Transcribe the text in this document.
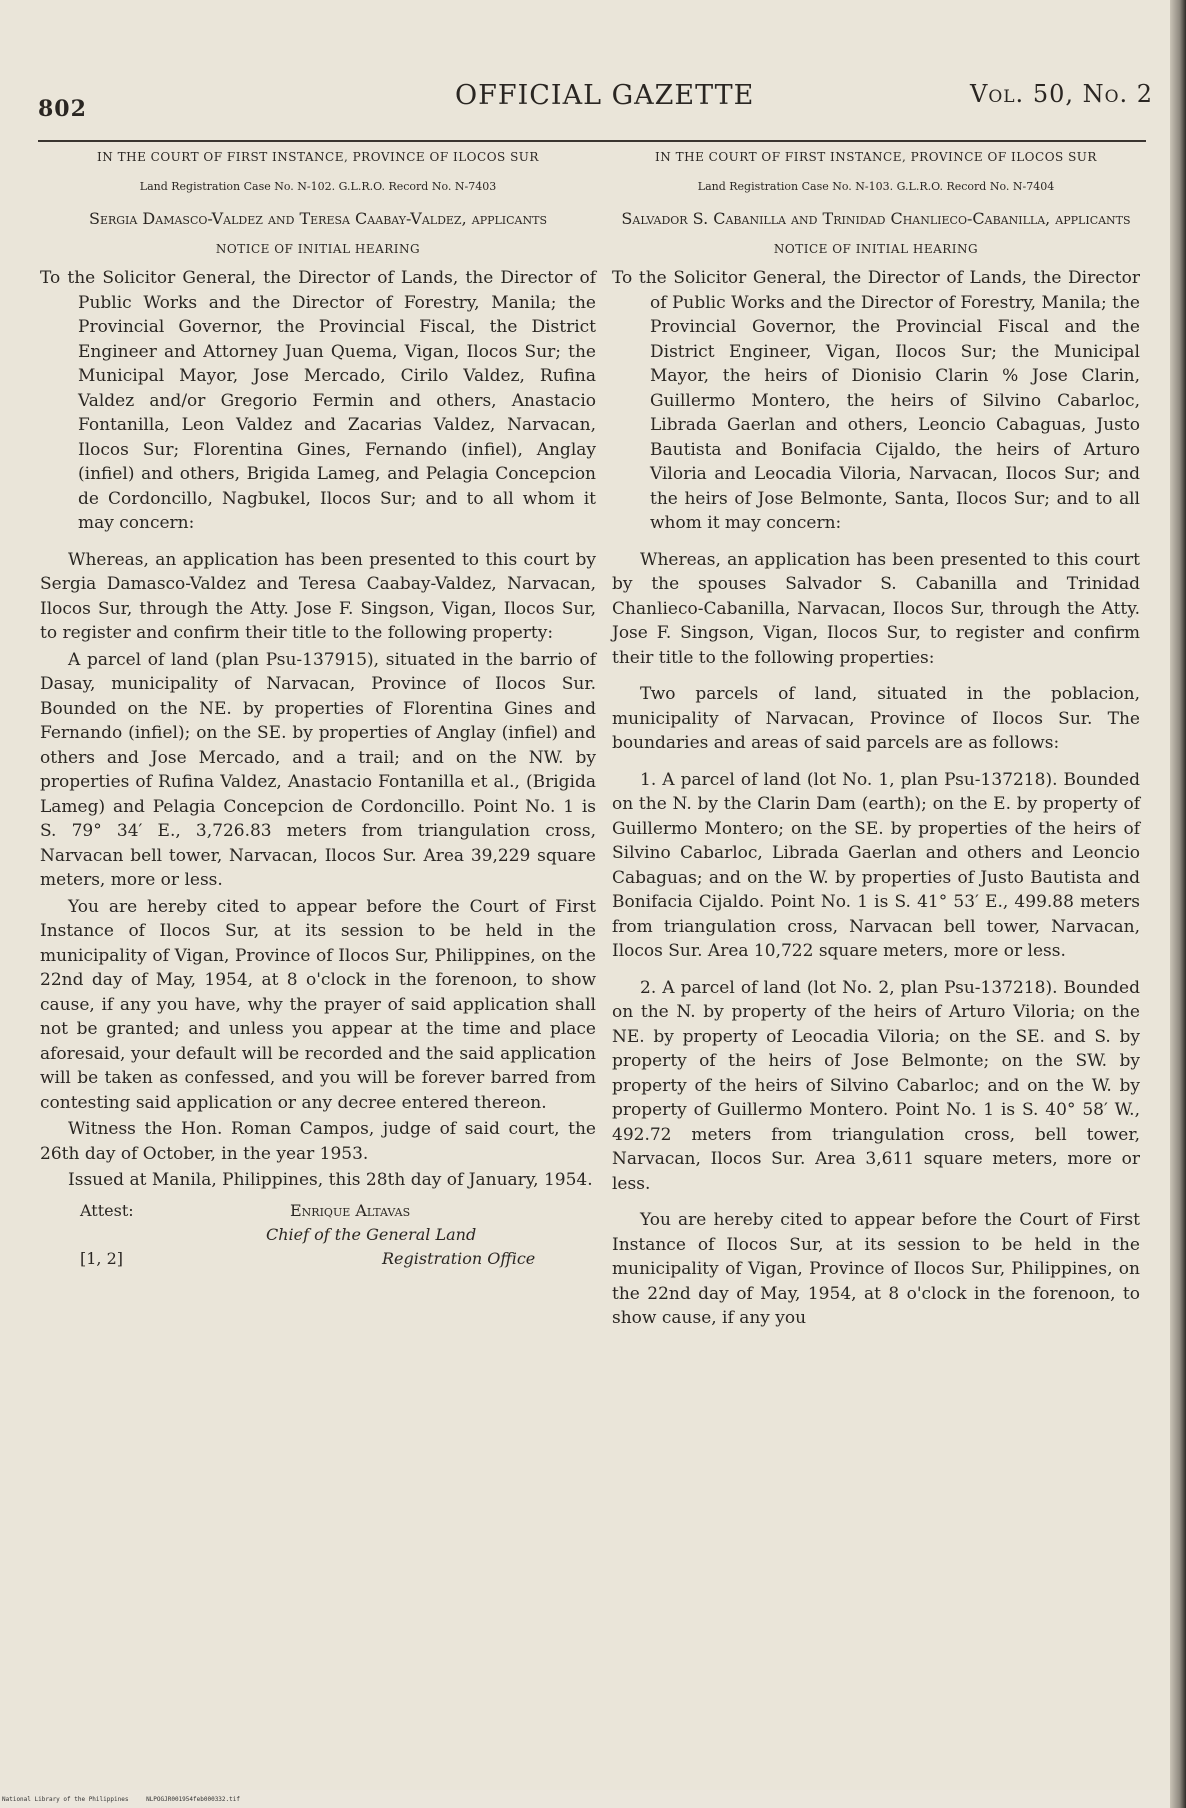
802	OFFICIAL GAZETTE	Vol. 50, No. 2

IN THE COURT OF FIRST INSTANCE, PROVINCE OF ILOCOS SUR

Land Registration Case No. N-102. G.L.R.O. Record No. N-7403

Sergia Damasco-Valdez and Teresa Caabay-Valdez, applicants

NOTICE OF INITIAL HEARING

To the Solicitor General, the Director of Lands, the Director of Public Works and the Director of Forestry, Manila; the Provincial Governor, the Provincial Fiscal, the District Engineer and Attorney Juan Quema, Vigan, Ilocos Sur; the Municipal Mayor, Jose Mercado, Cirilo Valdez, Rufina Valdez and/or Gregorio Fermin and others, Anastacio Fontanilla, Leon Valdez and Zacarias Valdez, Narvacan, Ilocos Sur; Florentina Gines, Fernando (infiel), Anglay (infiel) and others, Brigida Lameg, and Pelagia Concepcion de Cordoncillo, Nagbukel, Ilocos Sur; and to all whom it may concern:

Whereas, an application has been presented to this court by Sergia Damasco-Valdez and Teresa Caabay-Valdez, Narvacan, Ilocos Sur, through the Atty. Jose F. Singson, Vigan, Ilocos Sur, to register and confirm their title to the following property:

A parcel of land (plan Psu-137915), situated in the barrio of Dasay, municipality of Narvacan, Province of Ilocos Sur. Bounded on the NE. by properties of Florentina Gines and Fernando (infiel); on the SE. by properties of Anglay (infiel) and others and Jose Mercado, and a trail; and on the NW. by properties of Rufina Valdez, Anastacio Fontanilla et al., (Brigida Lameg) and Pelagia Concepcion de Cordoncillo. Point No. 1 is S. 79° 34′ E., 3,726.83 meters from triangulation cross, Narvacan bell tower, Narvacan, Ilocos Sur. Area 39,229 square meters, more or less.

You are hereby cited to appear before the Court of First Instance of Ilocos Sur, at its session to be held in the municipality of Vigan, Province of Ilocos Sur, Philippines, on the 22nd day of May, 1954, at 8 o'clock in the forenoon, to show cause, if any you have, why the prayer of said application shall not be granted; and unless you appear at the time and place aforesaid, your default will be recorded and the said application will be taken as confessed, and you will be forever barred from contesting said application or any decree entered thereon.

Witness the Hon. Roman Campos, judge of said court, the 26th day of October, in the year 1953.

Issued at Manila, Philippines, this 28th day of January, 1954.

Attest:	Enrique Altavas
Chief of the General Land
Registration Office
[1, 2]

IN THE COURT OF FIRST INSTANCE, PROVINCE OF ILOCOS SUR

Land Registration Case No. N-103. G.L.R.O. Record No. N-7404

Salvador S. Cabanilla and Trinidad Chanlieco-Cabanilla, applicants

NOTICE OF INITIAL HEARING

To the Solicitor General, the Director of Lands, the Director of Public Works and the Director of Forestry, Manila; the Provincial Governor, the Provincial Fiscal and the District Engineer, Vigan, Ilocos Sur; the Municipal Mayor, the heirs of Dionisio Clarin % Jose Clarin, Guillermo Montero, the heirs of Silvino Cabarloc, Librada Gaerlan and others, Leoncio Cabaguas, Justo Bautista and Bonifacia Cijaldo, the heirs of Arturo Viloria and Leocadia Viloria, Narvacan, Ilocos Sur; and the heirs of Jose Belmonte, Santa, Ilocos Sur; and to all whom it may concern:

Whereas, an application has been presented to this court by the spouses Salvador S. Cabanilla and Trinidad Chanlieco-Cabanilla, Narvacan, Ilocos Sur, through the Atty. Jose F. Singson, Vigan, Ilocos Sur, to register and confirm their title to the following properties:

Two parcels of land, situated in the poblacion, municipality of Narvacan, Province of Ilocos Sur. The boundaries and areas of said parcels are as follows:

1. A parcel of land (lot No. 1, plan Psu-137218). Bounded on the N. by the Clarin Dam (earth); on the E. by property of Guillermo Montero; on the SE. by properties of the heirs of Silvino Cabarloc, Librada Gaerlan and others and Leoncio Cabaguas; and on the W. by properties of Justo Bautista and Bonifacia Cijaldo. Point No. 1 is S. 41° 53′ E., 499.88 meters from triangulation cross, Narvacan bell tower, Narvacan, Ilocos Sur. Area 10,722 square meters, more or less.

2. A parcel of land (lot No. 2, plan Psu-137218). Bounded on the N. by property of the heirs of Arturo Viloria; on the NE. by property of Leocadia Viloria; on the SE. and S. by property of the heirs of Jose Belmonte; on the SW. by property of the heirs of Silvino Cabarloc; and on the W. by property of Guillermo Montero. Point No. 1 is S. 40° 58′ W., 492.72 meters from triangulation cross, bell tower, Narvacan, Ilocos Sur. Area 3,611 square meters, more or less.

You are hereby cited to appear before the Court of First Instance of Ilocos Sur, at its session to be held in the municipality of Vigan, Province of Ilocos Sur, Philippines, on the 22nd day of May, 1954, at 8 o'clock in the forenoon, to show cause, if any you

National Library of the Philippines	NLPOGJR001954feb000332.tif
